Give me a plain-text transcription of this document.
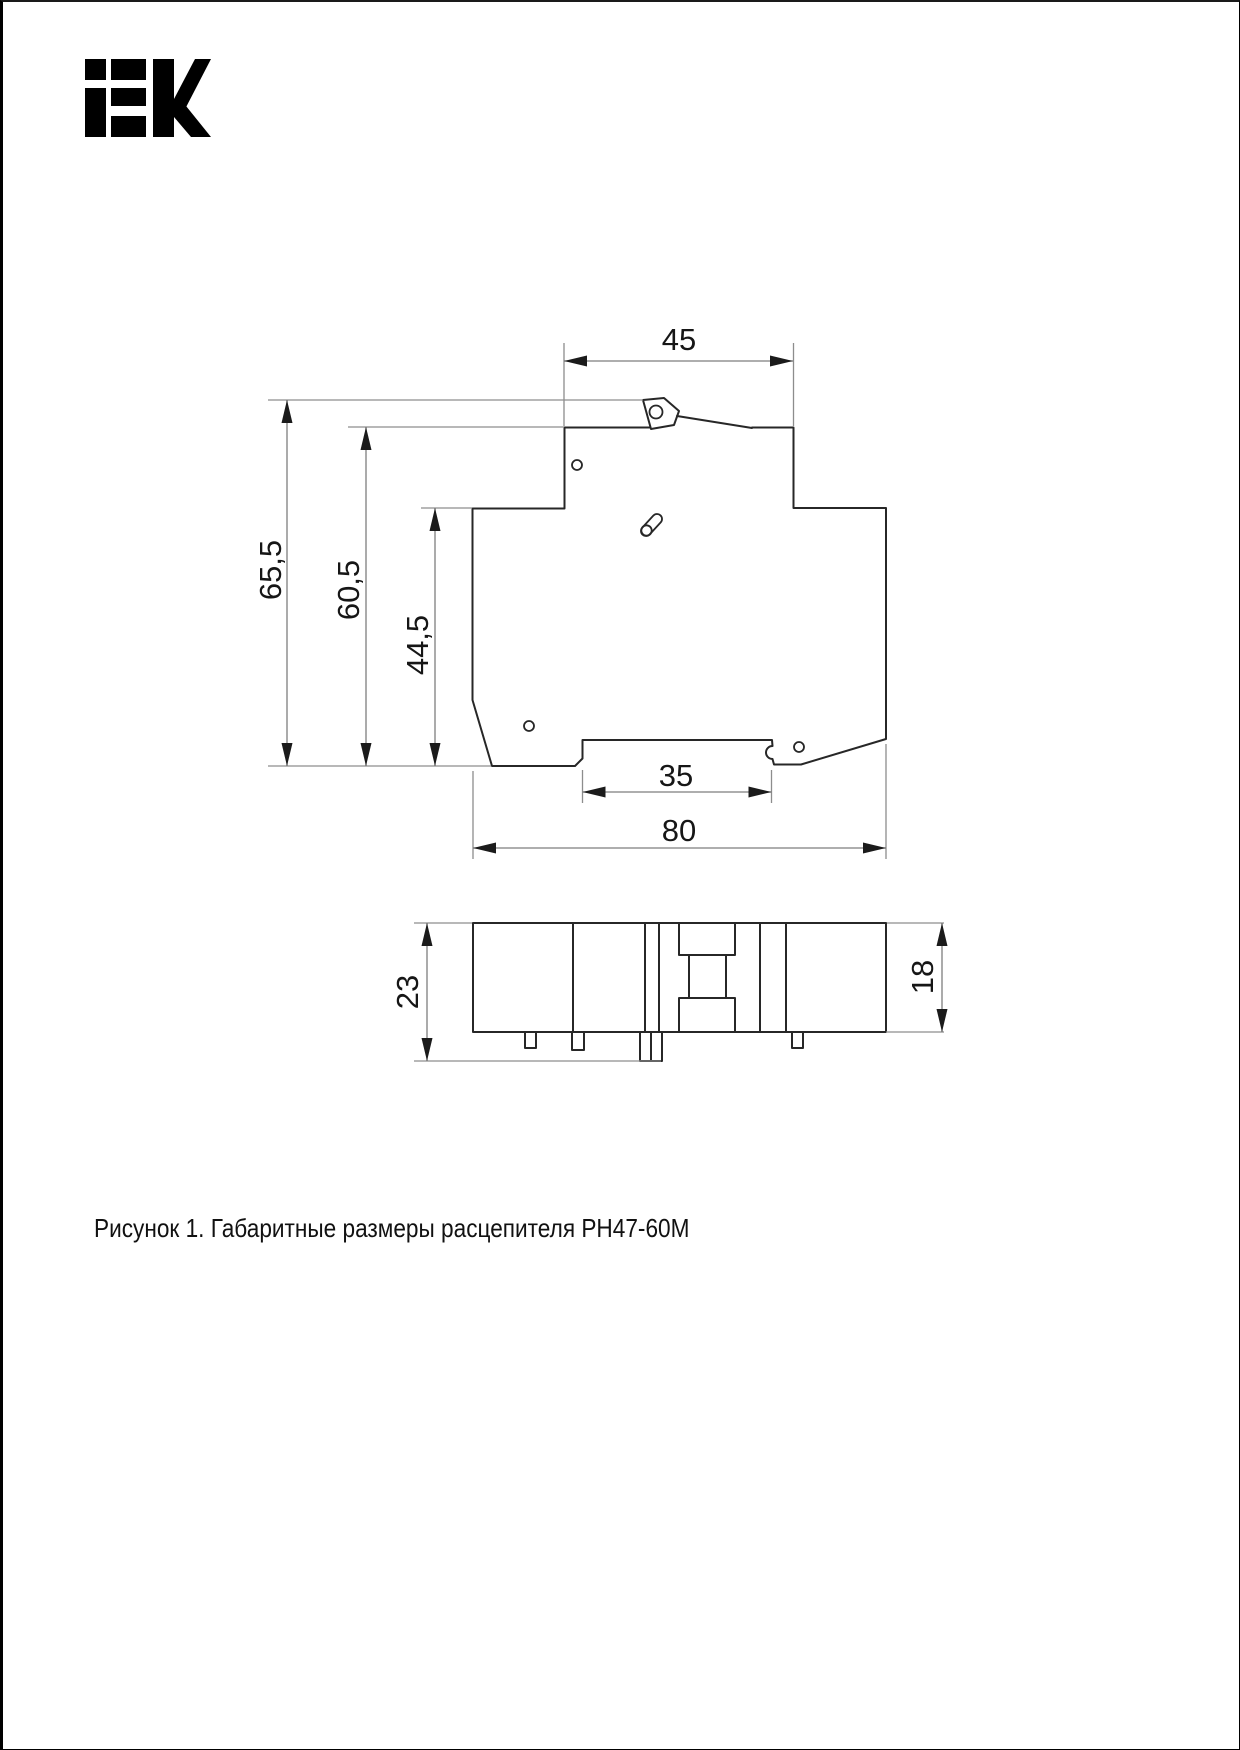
45
65,5 60,5
44,5
35
80
23	18
Рисунок 1. Габаритные размеры расцепителя РН47-60М
